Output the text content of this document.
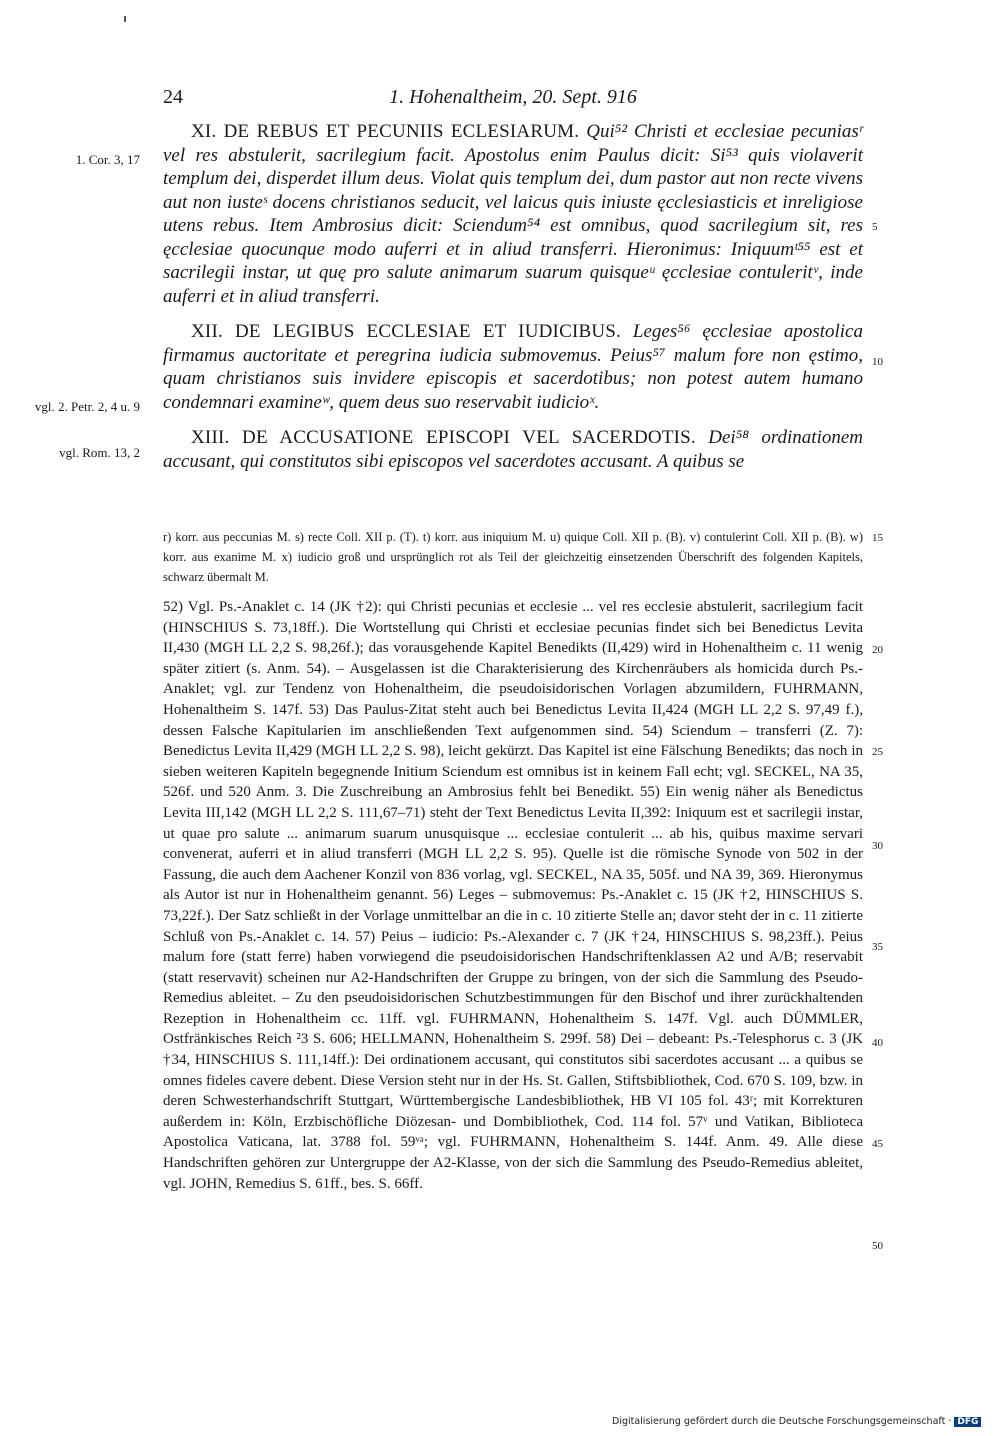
24	1. Hohenaltheim, 20. Sept. 916
1. Cor. 3, 17
vgl. 2. Petr. 2, 4 u. 9
vgl. Rom. 13, 2
5
10
15
20
25
30
35
40
45
50

XI. DE REBUS ET PECUNIIS ECLESIARUM. Qui⁵² Christi et ecclesiae pecuniasʳ vel res abstulerit, sacrilegium facit. Apostolus enim Paulus dicit: Si⁵³ quis violaverit templum dei, disperdet illum deus. Violat quis templum dei, dum pastor aut non recte vivens aut non iusteˢ docens christianos seducit, vel laicus quis iniuste ęcclesiasticis et inreligiose utens rebus. Item Ambrosius dicit: Sciendum⁵⁴ est omnibus, quod sacrilegium sit, res ęcclesiae quocunque modo auferri et in aliud transferri. Hieronimus: Iniquumᵗ⁵⁵ est et sacrilegii instar, ut quę pro salute animarum suarum quisqueᵘ ęcclesiae contuleritᵛ, inde auferri et in aliud transferri.

XII. DE LEGIBUS ECCLESIAE ET IUDICIBUS. Leges⁵⁶ ęcclesiae apostolica firmamus auctoritate et peregrina iudicia submovemus. Peius⁵⁷ malum fore non ęstimo, quam christianos suis invidere episcopis et sacerdotibus; non potest autem humano condemnari examineʷ, quem deus suo reservabit iudicioˣ.

XIII. DE ACCUSATIONE EPISCOPI VEL SACERDOTIS. Dei⁵⁸ ordinationem accusant, qui constitutos sibi episcopos vel sacerdotes accusant. A quibus se

r) korr. aus peccunias M. s) recte Coll. XII p. (T). t) korr. aus iniquium M. u) quique Coll. XII p. (B). v) contulerint Coll. XII p. (B). w) korr. aus exanime M. x) iudicio groß und ursprünglich rot als Teil der gleichzeitig einsetzenden Überschrift des folgenden Kapitels, schwarz übermalt M.

52) Vgl. Ps.-Anaklet c. 14 (JK †2): qui Christi pecunias et ecclesie ... vel res ecclesie abstulerit, sacrilegium facit (HINSCHIUS S. 73,18ff.). Die Wortstellung qui Christi et ecclesiae pecunias findet sich bei Benedictus Levita II,430 (MGH LL 2,2 S. 98,26f.); das vorausgehende Kapitel Benedikts (II,429) wird in Hohenaltheim c. 11 wenig später zitiert (s. Anm. 54). – Ausgelassen ist die Charakterisierung des Kirchenräubers als homicida durch Ps.-Anaklet; vgl. zur Tendenz von Hohenaltheim, die pseudoisidorischen Vorlagen abzumildern, FUHRMANN, Hohenaltheim S. 147f. 53) Das Paulus-Zitat steht auch bei Benedictus Levita II,424 (MGH LL 2,2 S. 97,49 f.), dessen Falsche Kapitularien im anschließenden Text aufgenommen sind. 54) Sciendum – transferri (Z. 7): Benedictus Levita II,429 (MGH LL 2,2 S. 98), leicht gekürzt. Das Kapitel ist eine Fälschung Benedikts; das noch in sieben weiteren Kapiteln begegnende Initium Sciendum est omnibus ist in keinem Fall echt; vgl. SECKEL, NA 35, 526f. und 520 Anm. 3. Die Zuschreibung an Ambrosius fehlt bei Benedikt. 55) Ein wenig näher als Benedictus Levita III,142 (MGH LL 2,2 S. 111,67–71) steht der Text Benedictus Levita II,392: Iniquum est et sacrilegii instar, ut quae pro salute ... animarum suarum unusquisque ... ecclesiae contulerit ... ab his, quibus maxime servari convenerat, auferri et in aliud transferri (MGH LL 2,2 S. 95). Quelle ist die römische Synode von 502 in der Fassung, die auch dem Aachener Konzil von 836 vorlag, vgl. SECKEL, NA 35, 505f. und NA 39, 369. Hieronymus als Autor ist nur in Hohenaltheim genannt. 56) Leges – submovemus: Ps.-Anaklet c. 15 (JK †2, HINSCHIUS S. 73,22f.). Der Satz schließt in der Vorlage unmittelbar an die in c. 10 zitierte Stelle an; davor steht der in c. 11 zitierte Schluß von Ps.-Anaklet c. 14. 57) Peius – iudicio: Ps.-Alexander c. 7 (JK †24, HINSCHIUS S. 98,23ff.). Peius malum fore (statt ferre) haben vorwiegend die pseudoisidorischen Handschriftenklassen A2 und A/B; reservabit (statt reservavit) scheinen nur A2-Handschriften der Gruppe zu bringen, von der sich die Sammlung des Pseudo-Remedius ableitet. – Zu den pseudoisidorischen Schutzbestimmungen für den Bischof und ihrer zurückhaltenden Rezeption in Hohenaltheim cc. 11ff. vgl. FUHRMANN, Hohenaltheim S. 147f. Vgl. auch DÜMMLER, Ostfränkisches Reich ²3 S. 606; HELLMANN, Hohenaltheim S. 299f. 58) Dei – debeant: Ps.-Telesphorus c. 3 (JK †34, HINSCHIUS S. 111,14ff.): Dei ordinationem accusant, qui constitutos sibi sacerdotes accusant ... a quibus se omnes fideles cavere debent. Diese Version steht nur in der Hs. St. Gallen, Stiftsbibliothek, Cod. 670 S. 109, bzw. in deren Schwesterhandschrift Stuttgart, Württembergische Landesbibliothek, HB VI 105 fol. 43ʳ; mit Korrekturen außerdem in: Köln, Erzbischöfliche Diözesan- und Dombibliothek, Cod. 114 fol. 57ᵛ und Vatikan, Biblioteca Apostolica Vaticana, lat. 3788 fol. 59ᵛᵃ; vgl. FUHRMANN, Hohenaltheim S. 144f. Anm. 49. Alle diese Handschriften gehören zur Untergruppe der A2-Klasse, von der sich die Sammlung des Pseudo-Remedius ableitet, vgl. JOHN, Remedius S. 61ff., bes. S. 66ff.

Digitalisierung gefördert durch die Deutsche Forschungsgemeinschaft · DFG
